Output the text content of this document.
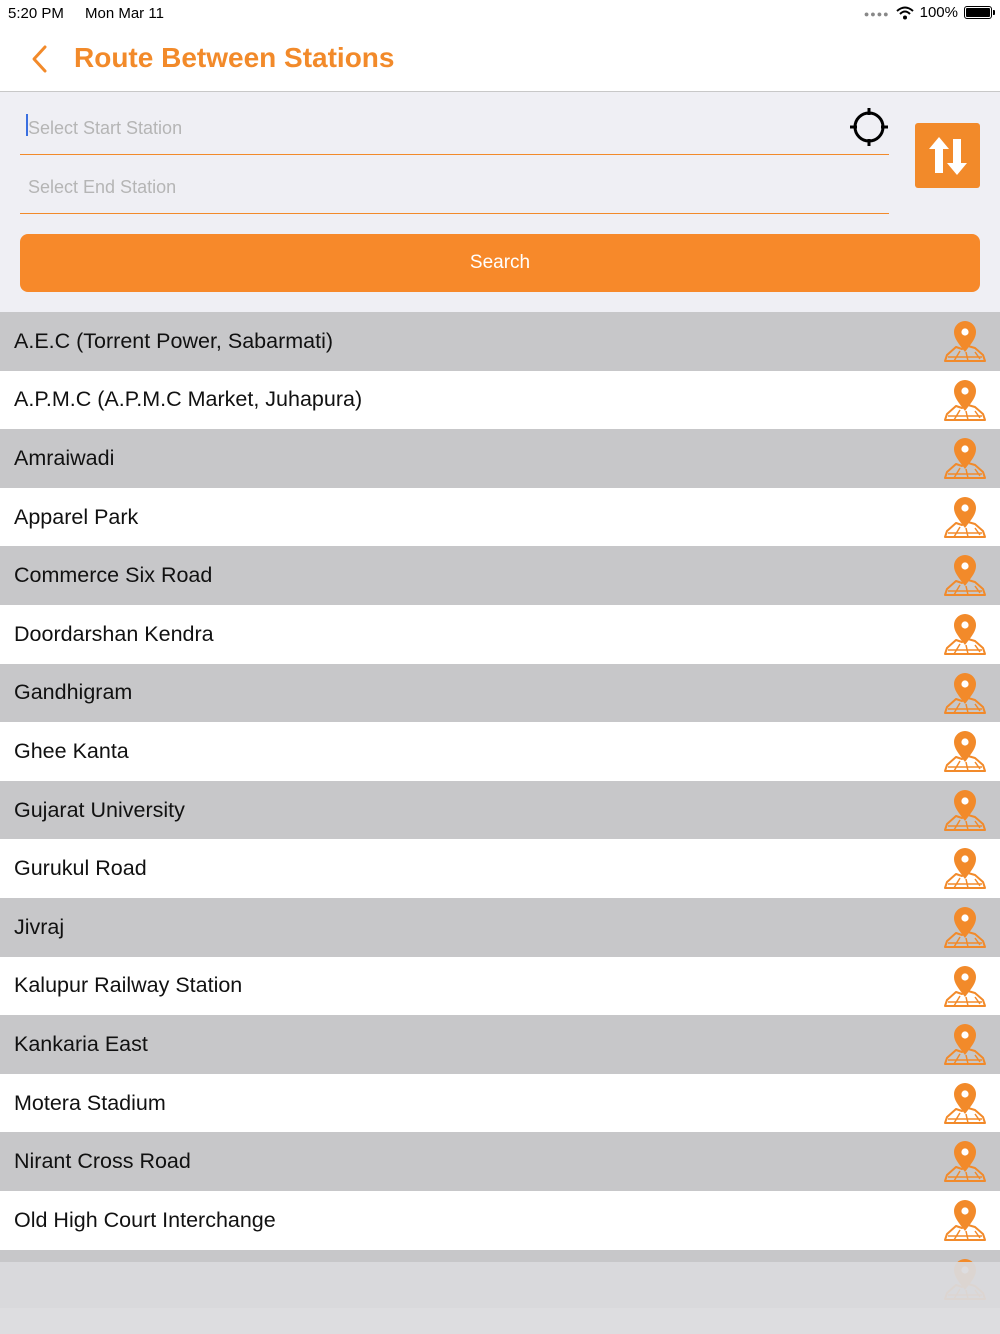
5:20 PM Mon Mar 11	●●●● 100%
Route Between Stations
Select Start Station
Select End Station
Search
A.E.C (Torrent Power, Sabarmati)
A.P.M.C (A.P.M.C Market, Juhapura)
Amraiwadi
Apparel Park
Commerce Six Road
Doordarshan Kendra
Gandhigram
Ghee Kanta
Gujarat University
Gurukul Road
Jivraj
Kalupur Railway Station
Kankaria East
Motera Stadium
Nirant Cross Road
Old High Court Interchange
